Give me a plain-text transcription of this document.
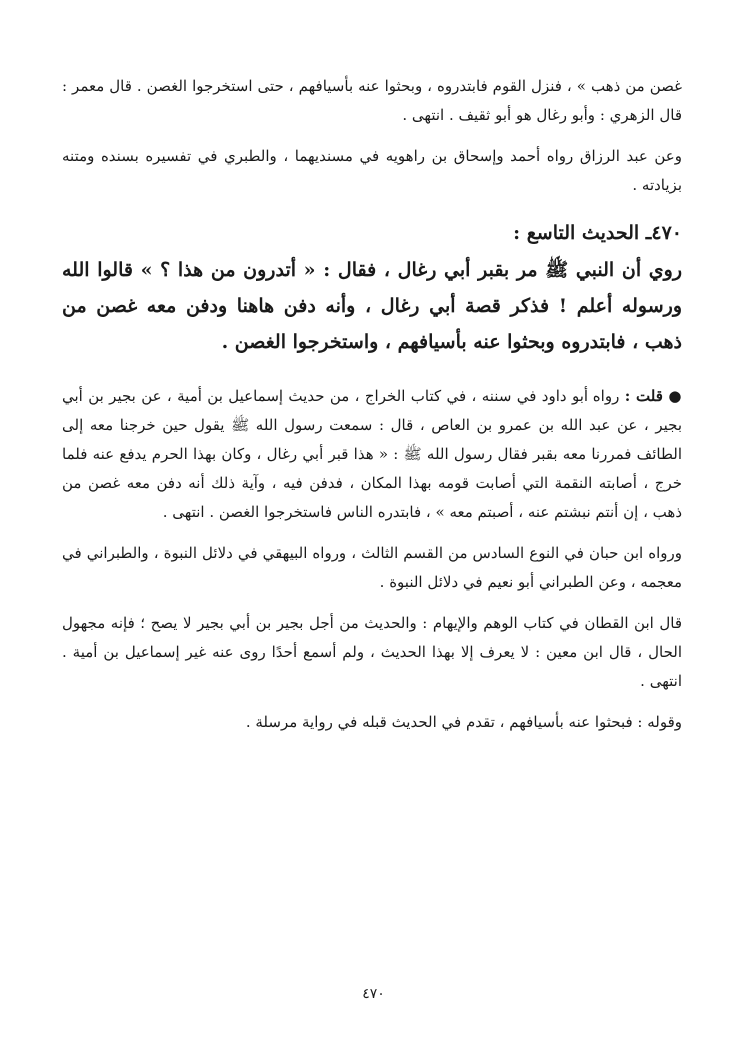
غصن من ذهب » ، فنزل القوم فابتدروه ، وبحثوا عنه بأسيافهم ، حتى استخرجوا الغصن . قال معمر : قال الزهري : وأبو رغال هو أبو ثقيف . انتهى .

وعن عبد الرزاق رواه أحمد وإسحاق بن راهويه في مسنديهما ، والطبري في تفسيره بسنده ومتنه بزيادته .

٤٧٠ـ الحديث التاسع :

روي أن النبي ﷺ مر بقبر أبي رغال ، فقال : « أتدرون من هذا ؟ » قالوا الله ورسوله أعلم ! فذكر قصة أبي رغال ، وأنه دفن هاهنا ودفن معه غصن من ذهب ، فابتدروه وبحثوا عنه بأسيافهم ، واستخرجوا الغصن .

● قلت : رواه أبو داود في سننه ، في كتاب الخراج ، من حديث إسماعيل بن أمية ، عن بجير بن أبي بجير ، عن عبد الله بن عمرو بن العاص ، قال : سمعت رسول الله ﷺ يقول حين خرجنا معه إلى الطائف فمررنا معه بقبر فقال رسول الله ﷺ : « هذا قبر أبي رغال ، وكان بهذا الحرم يدفع عنه فلما خرج ، أصابته النقمة التي أصابت قومه بهذا المكان ، فدفن فيه ، وآية ذلك أنه دفن معه غصن من ذهب ، إن أنتم نبشتم عنه ، أصبتم معه » ، فابتدره الناس فاستخرجوا الغصن . انتهى .

ورواه ابن حبان في النوع السادس من القسم الثالث ، ورواه البيهقي في دلائل النبوة ، والطبراني في معجمه ، وعن الطبراني أبو نعيم في دلائل النبوة .

قال ابن القطان في كتاب الوهم والإيهام : والحديث من أجل بجير بن أبي بجير لا يصح ؛ فإنه مجهول الحال ، قال ابن معين : لا يعرف إلا بهذا الحديث ، ولم أسمع أحدًا روى عنه غير إسماعيل بن أمية . انتهى .

وقوله : فبحثوا عنه بأسيافهم ، تقدم في الحديث قبله في رواية مرسلة .

٤٧٠
